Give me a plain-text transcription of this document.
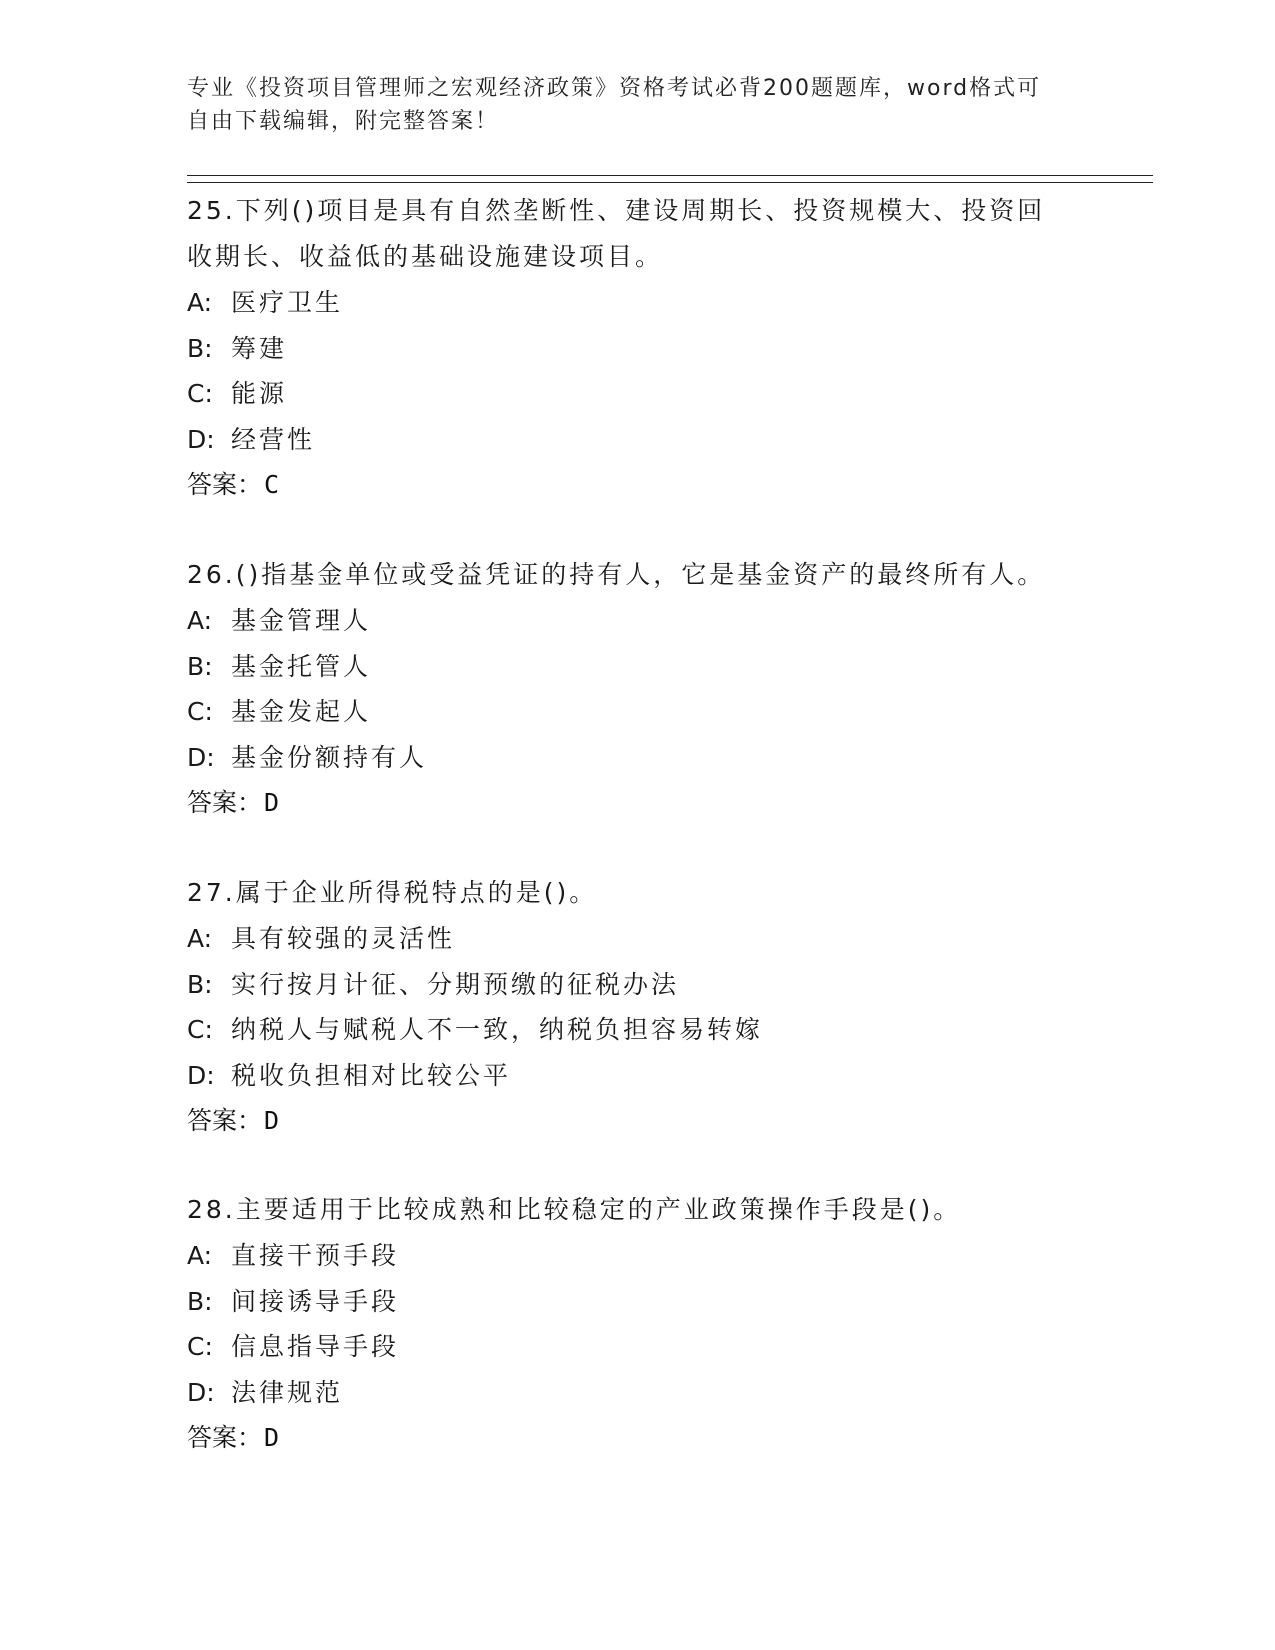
专业《投资项目管理师之宏观经济政策》资格考试必背200题题库，word格式可
自由下载编辑，附完整答案！
25.下列()项目是具有自然垄断性、建设周期长、投资规模大、投资回
收期长、收益低的基础设施建设项目。
A: 医疗卫生
B: 筹建
C: 能源
D: 经营性
答案：C
26.()指基金单位或受益凭证的持有人，它是基金资产的最终所有人。
A: 基金管理人
B: 基金托管人
C: 基金发起人
D: 基金份额持有人
答案：D
27.属于企业所得税特点的是()。
A: 具有较强的灵活性
B: 实行按月计征、分期预缴的征税办法
C: 纳税人与赋税人不一致，纳税负担容易转嫁
D: 税收负担相对比较公平
答案：D
28.主要适用于比较成熟和比较稳定的产业政策操作手段是()。
A: 直接干预手段
B: 间接诱导手段
C: 信息指导手段
D: 法律规范
答案：D
